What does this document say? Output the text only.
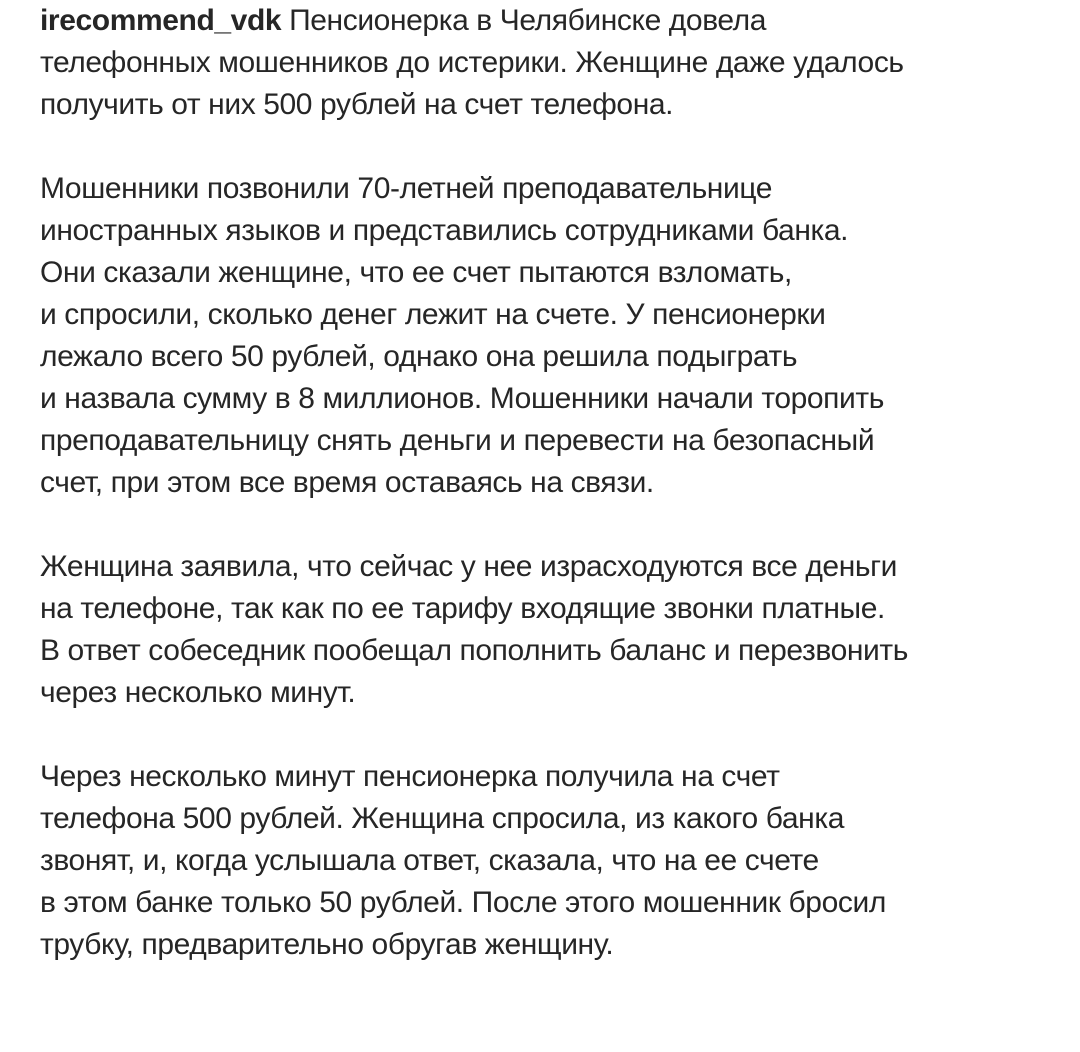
irecommend_vdk Пенсионерка в Челябинске довела
телефонных мошенников до истерики. Женщине даже удалось
получить от них 500 рублей на счет телефона.

Мошенники позвонили 70-летней преподавательнице
иностранных языков и представились сотрудниками банка.
Они сказали женщине, что ее счет пытаются взломать,
и спросили, сколько денег лежит на счете. У пенсионерки
лежало всего 50 рублей, однако она решила подыграть
и назвала сумму в 8 миллионов. Мошенники начали торопить
преподавательницу снять деньги и перевести на безопасный
счет, при этом все время оставаясь на связи.

Женщина заявила, что сейчас у нее израсходуются все деньги
на телефоне, так как по ее тарифу входящие звонки платные.
В ответ собеседник пообещал пополнить баланс и перезвонить
через несколько минут.

Через несколько минут пенсионерка получила на счет
телефона 500 рублей. Женщина спросила, из какого банка
звонят, и, когда услышала ответ, сказала, что на ее счете
в этом банке только 50 рублей. После этого мошенник бросил
трубку, предварительно обругав женщину.
